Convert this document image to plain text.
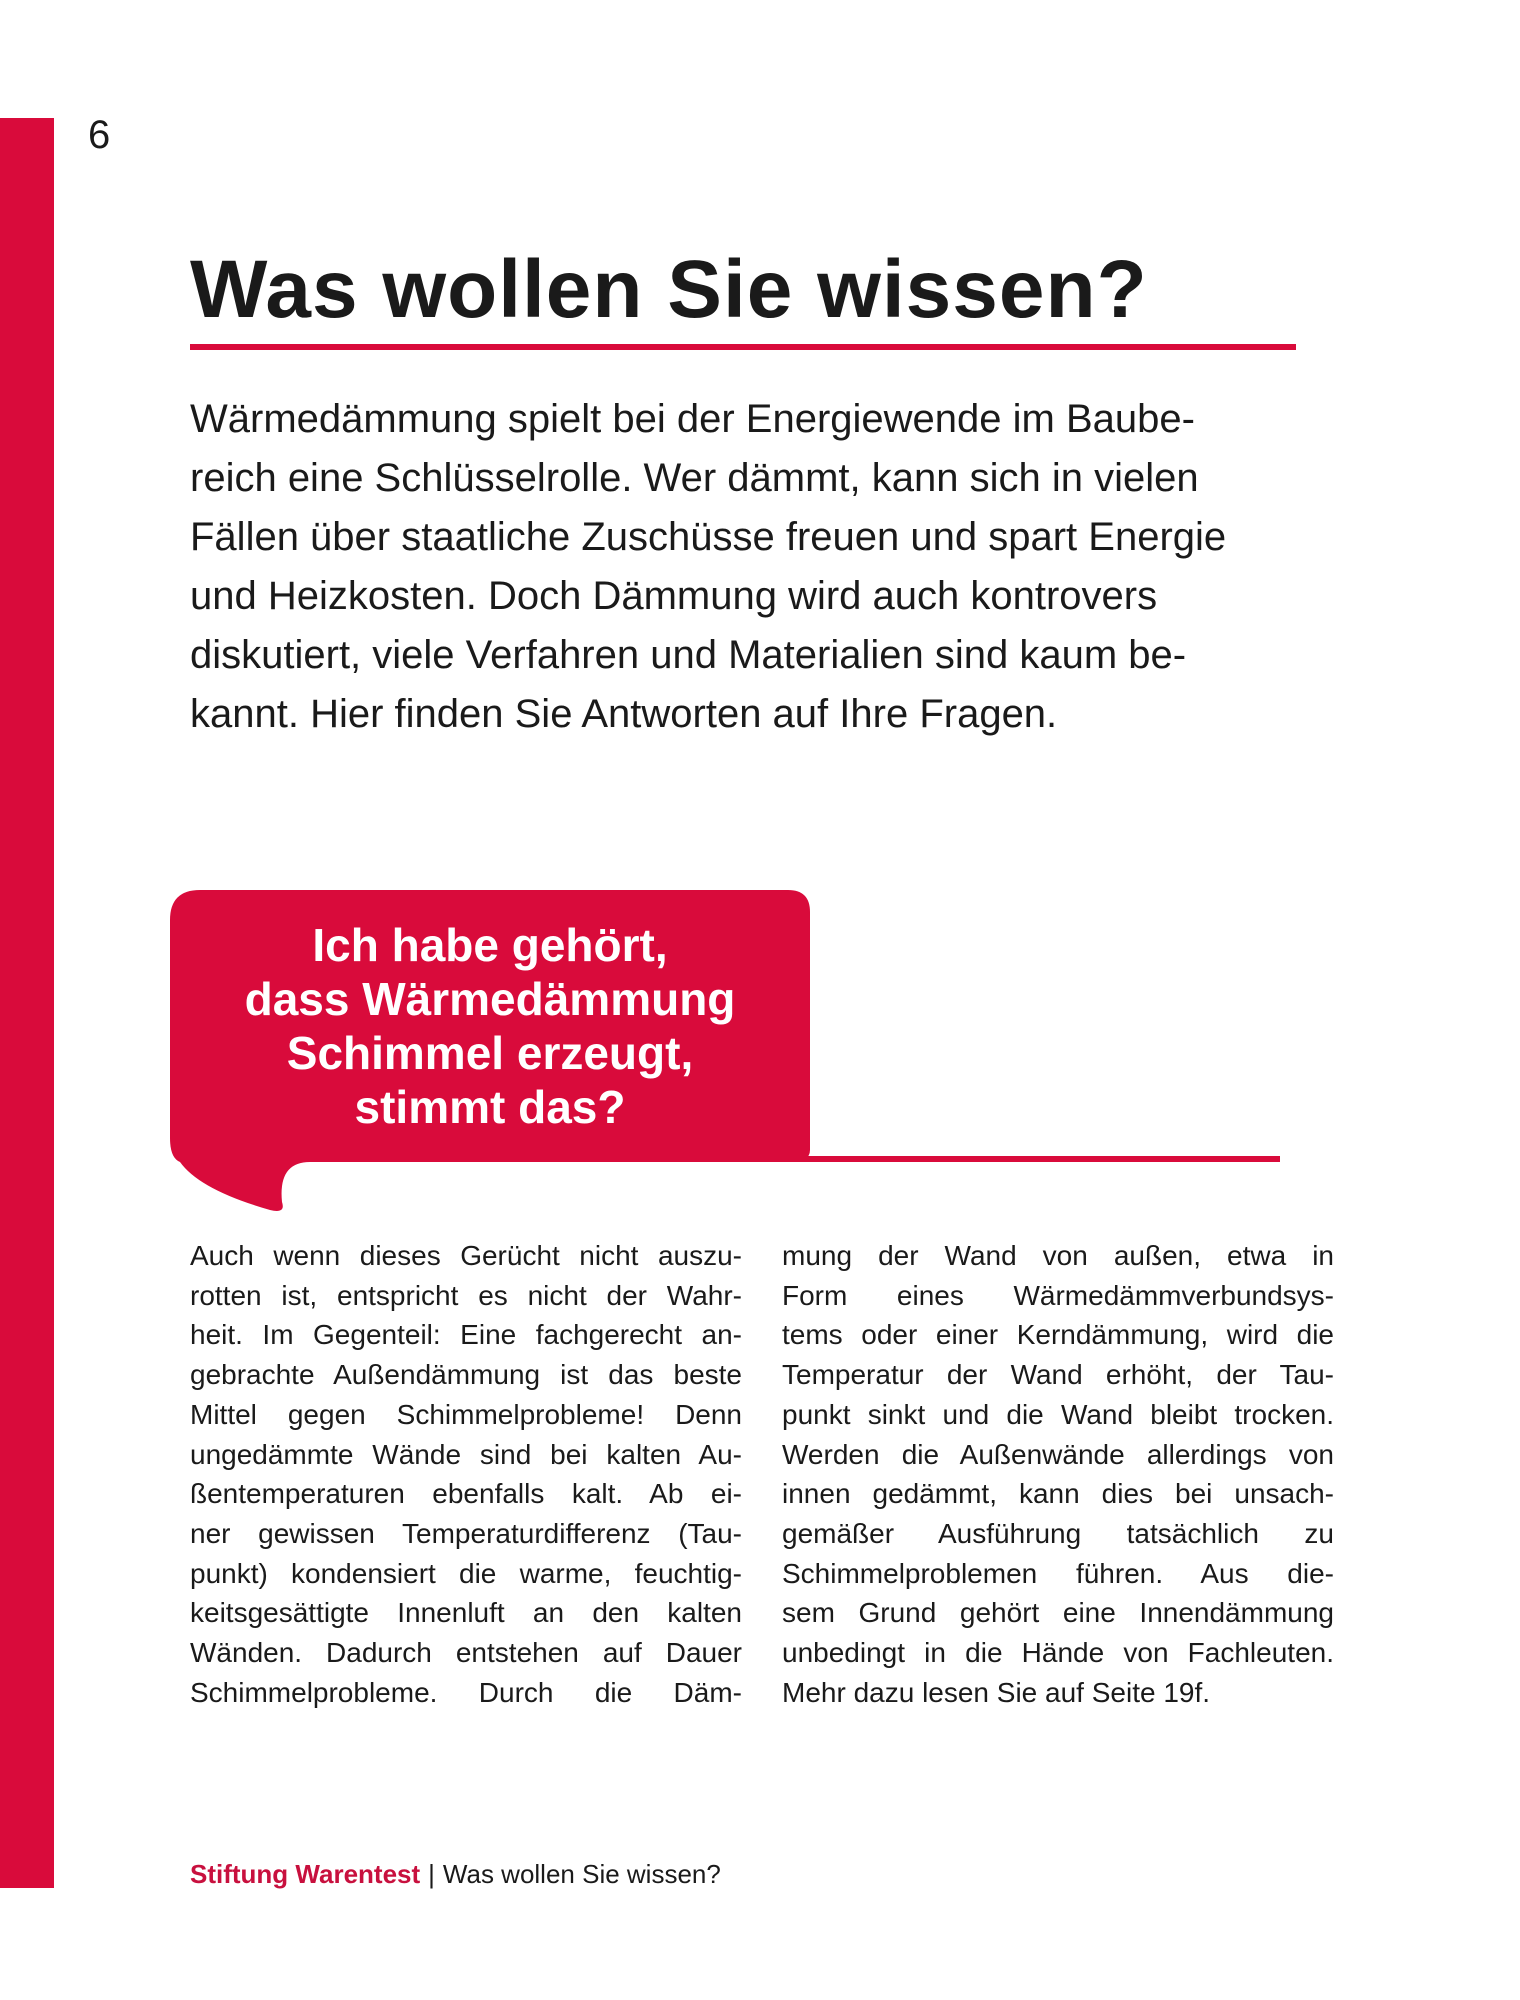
6
Was wollen Sie wissen?

Wärmedämmung spielt bei der Energiewende im Baube-
reich eine Schlüsselrolle. Wer dämmt, kann sich in vielen
Fällen über staatliche Zuschüsse freuen und spart Energie
und Heizkosten. Doch Dämmung wird auch kontrovers
diskutiert, viele Verfahren und Materialien sind kaum be-
kannt. Hier finden Sie Antworten auf Ihre Fragen.

Ich habe gehört,
dass Wärmedämmung
Schimmel erzeugt,
stimmt das?

Auch wenn dieses Gerücht nicht auszu-
rotten ist, entspricht es nicht der Wahr-
heit. Im Gegenteil: Eine fachgerecht an-
gebrachte Außendämmung ist das beste
Mittel gegen Schimmelprobleme! Denn
ungedämmte Wände sind bei kalten Au-
ßentemperaturen ebenfalls kalt. Ab ei-
ner gewissen Temperaturdifferenz (Tau-
punkt) kondensiert die warme, feuchtig-
keitsgesättigte Innenluft an den kalten
Wänden. Dadurch entstehen auf Dauer
Schimmelprobleme. Durch die Däm-

mung der Wand von außen, etwa in
Form eines Wärmedämmverbundsys-
tems oder einer Kerndämmung, wird die
Temperatur der Wand erhöht, der Tau-
punkt sinkt und die Wand bleibt trocken.
Werden die Außenwände allerdings von
innen gedämmt, kann dies bei unsach-
gemäßer Ausführung tatsächlich zu
Schimmelproblemen führen. Aus die-
sem Grund gehört eine Innendämmung
unbedingt in die Hände von Fachleuten.
Mehr dazu lesen Sie auf Seite 19f.

Stiftung Warentest | Was wollen Sie wissen?
